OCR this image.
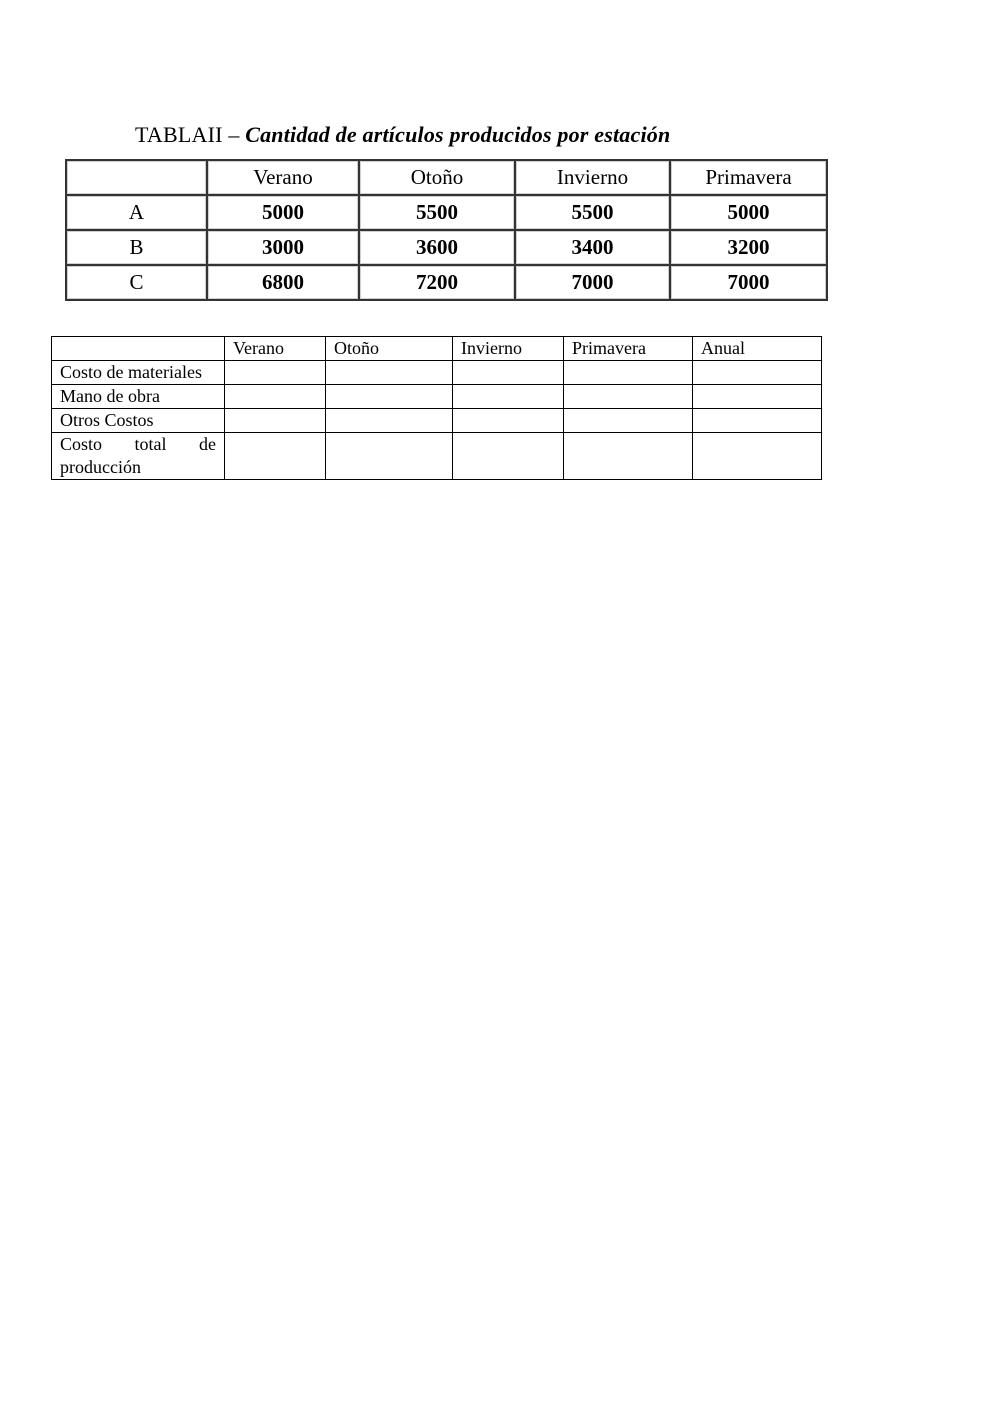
TABLAII – Cantidad de artículos producidos por estación
	Verano	Otoño	Invierno	Primavera
A	5000	5500	5500	5000
B	3000	3600	3400	3200
C	6800	7200	7000	7000
	Verano	Otoño	Invierno	Primavera	Anual
Costo de materiales					
Mano de obra					
Otros Costos					
Costo total de producción					
